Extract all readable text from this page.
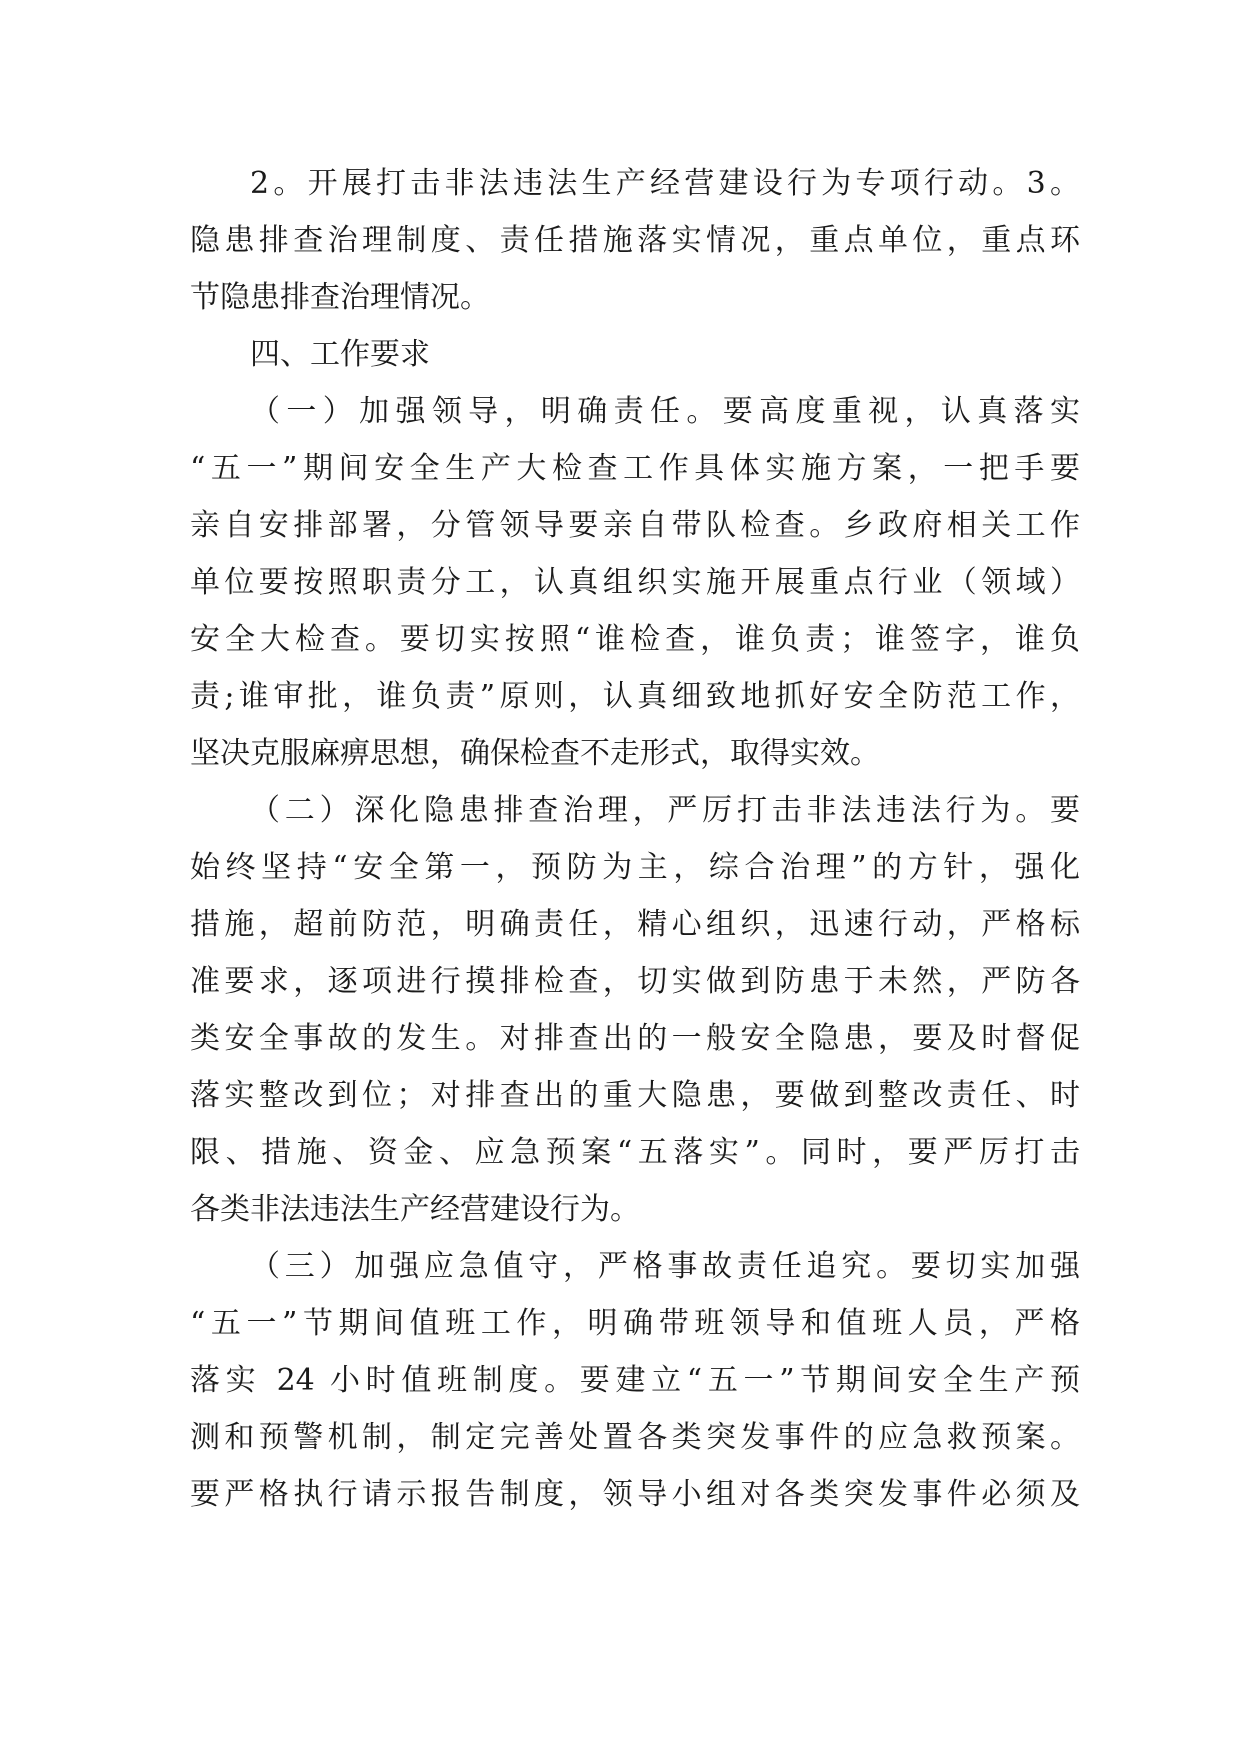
2。开展打击非法违法生产经营建设行为专项行动。3。
隐患排查治理制度、责任措施落实情况，重点单位，重点环
节隐患排查治理情况。
四、工作要求
（一）加强领导，明确责任。要高度重视，认真落实
“五一”期间安全生产大检查工作具体实施方案，一把手要
亲自安排部署，分管领导要亲自带队检查。乡政府相关工作
单位要按照职责分工，认真组织实施开展重点行业（领域）
安全大检查。要切实按照“谁检查，谁负责；谁签字，谁负
责;谁审批，谁负责”原则，认真细致地抓好安全防范工作，
坚决克服麻痹思想，确保检查不走形式，取得实效。
（二）深化隐患排查治理，严厉打击非法违法行为。要
始终坚持“安全第一，预防为主，综合治理”的方针，强化
措施，超前防范，明确责任，精心组织，迅速行动，严格标
准要求，逐项进行摸排检查，切实做到防患于未然，严防各
类安全事故的发生。对排查出的一般安全隐患，要及时督促
落实整改到位；对排查出的重大隐患，要做到整改责任、时
限、措施、资金、应急预案“五落实”。同时，要严厉打击
各类非法违法生产经营建设行为。
（三）加强应急值守，严格事故责任追究。要切实加强
“五一”节期间值班工作，明确带班领导和值班人员，严格
落实 24 小时值班制度。要建立“五一”节期间安全生产预
测和预警机制，制定完善处置各类突发事件的应急救预案。
要严格执行请示报告制度，领导小组对各类突发事件必须及
